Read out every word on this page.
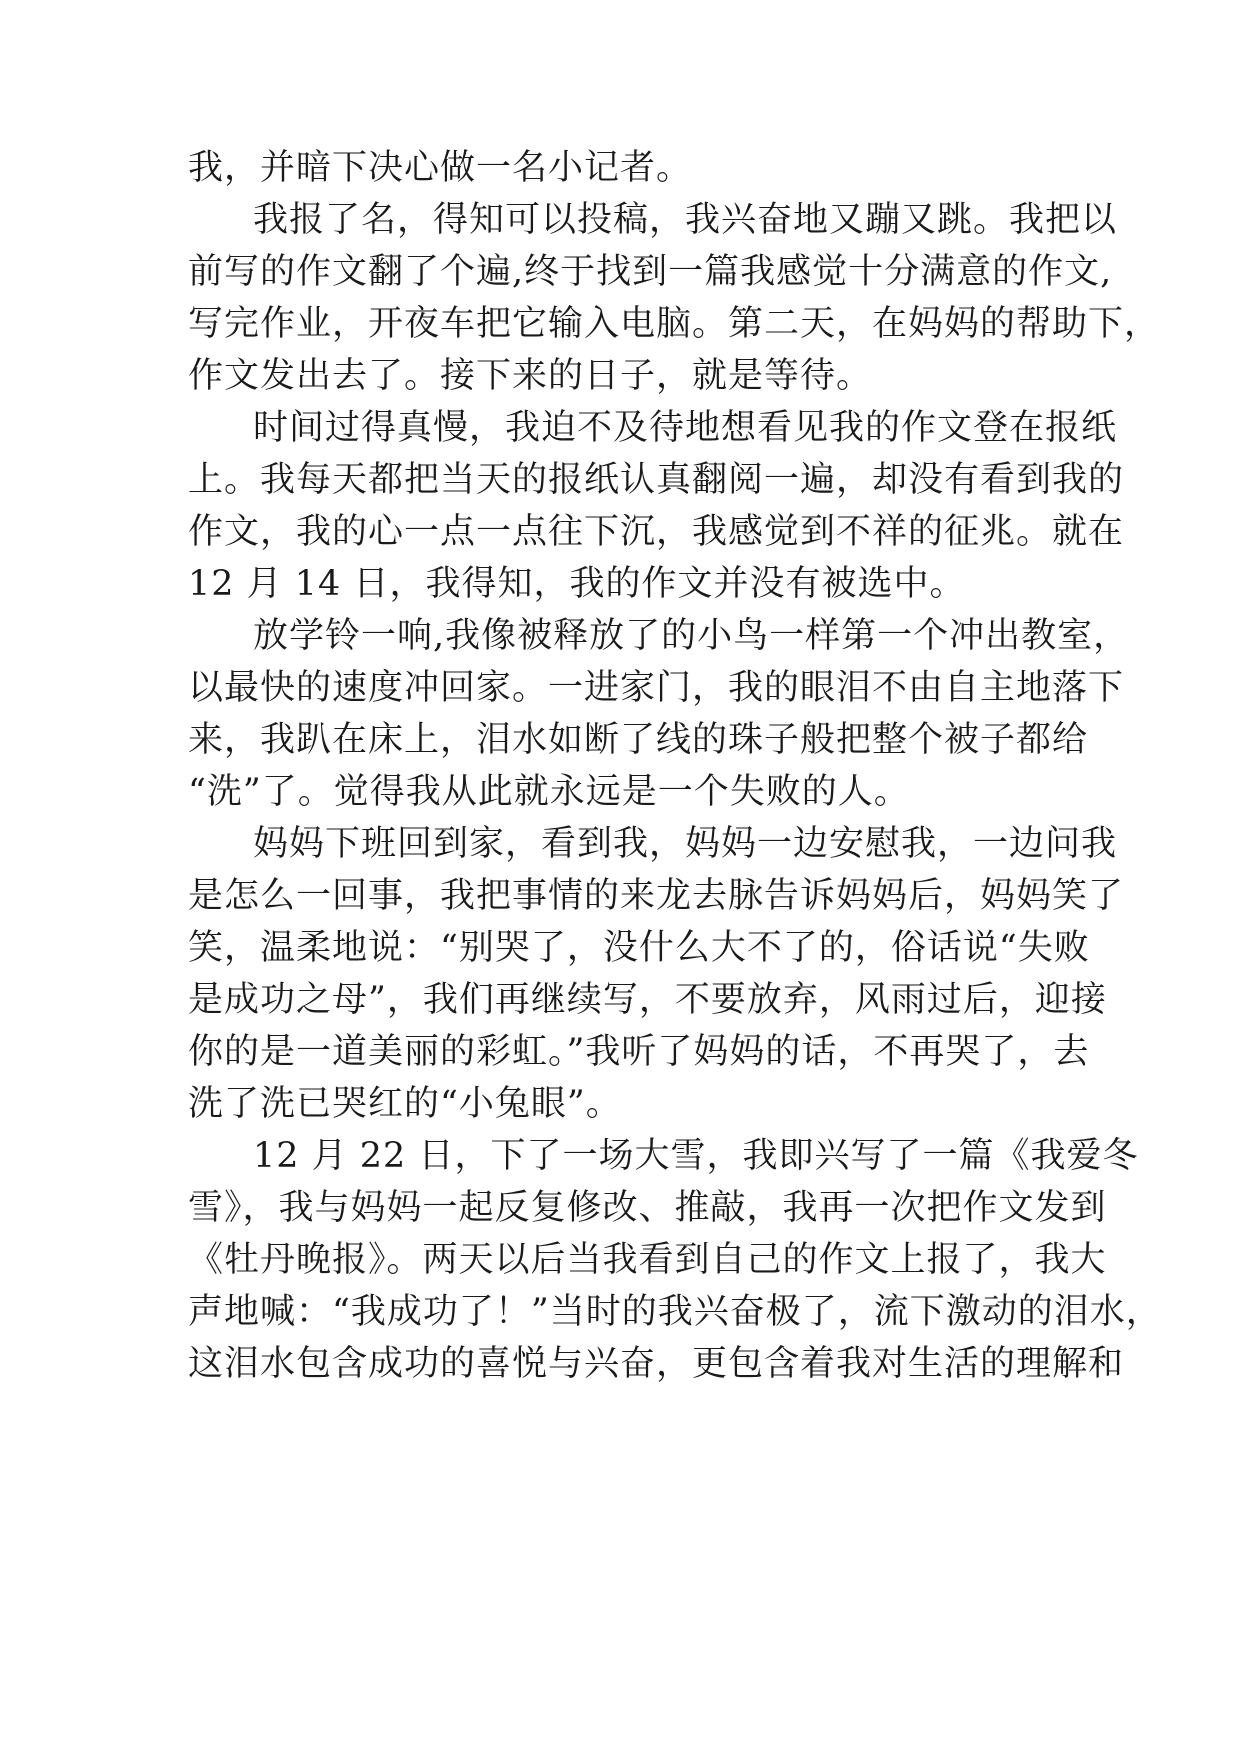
我，并暗下决心做一名小记者。
我报了名，得知可以投稿，我兴奋地又蹦又跳。我把以
前写的作文翻了个遍,终于找到一篇我感觉十分满意的作文,
写完作业，开夜车把它输入电脑。第二天，在妈妈的帮助下，
作文发出去了。接下来的日子，就是等待。
时间过得真慢，我迫不及待地想看见我的作文登在报纸
上。我每天都把当天的报纸认真翻阅一遍，却没有看到我的
作文，我的心一点一点往下沉，我感觉到不祥的征兆。就在
12 月 14 日，我得知，我的作文并没有被选中。
放学铃一响,我像被释放了的小鸟一样第一个冲出教室，
以最快的速度冲回家。一进家门，我的眼泪不由自主地落下
来，我趴在床上，泪水如断了线的珠子般把整个被子都给
“洗”了。觉得我从此就永远是一个失败的人。
妈妈下班回到家，看到我，妈妈一边安慰我，一边问我
是怎么一回事，我把事情的来龙去脉告诉妈妈后，妈妈笑了
笑，温柔地说：“别哭了，没什么大不了的，俗话说“失败
是成功之母”，我们再继续写，不要放弃，风雨过后，迎接
你的是一道美丽的彩虹。”我听了妈妈的话，不再哭了，去
洗了洗已哭红的“小兔眼”。
12 月 22 日，下了一场大雪，我即兴写了一篇《我爱冬
雪》，我与妈妈一起反复修改、推敲，我再一次把作文发到
《牡丹晚报》。两天以后当我看到自己的作文上报了，我大
声地喊：“我成功了！”当时的我兴奋极了，流下激动的泪水，
这泪水包含成功的喜悦与兴奋，更包含着我对生活的理解和
